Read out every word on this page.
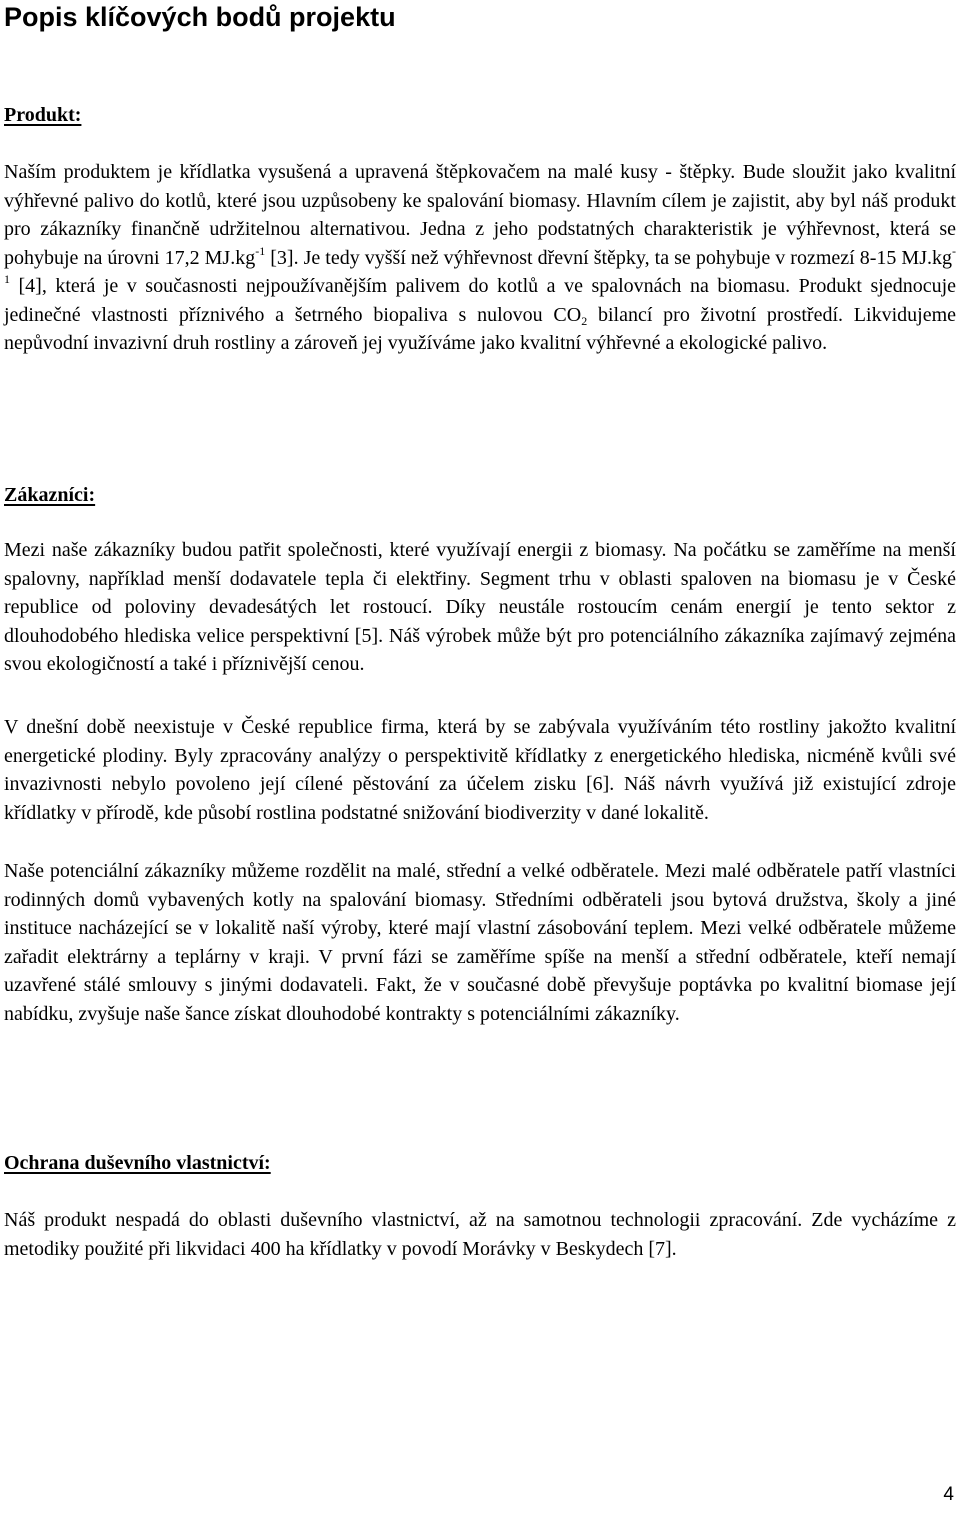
Popis klíčových bodů projektu
Produkt:

Naším produktem je křídlatka vysušená a upravená štěpkovačem na malé kusy - štěpky. Bude sloužit jako kvalitní výhřevné palivo do kotlů, které jsou uzpůsobeny ke spalování biomasy. Hlavním cílem je zajistit, aby byl náš produkt pro zákazníky finančně udržitelnou alternativou. Jedna z jeho podstatných charakteristik je výhřevnost, která se pohybuje na úrovni 17,2 $MJ.kg^{-1}$ [3]. Je tedy vyšší než výhřevnost dřevní štěpky, ta se pohybuje v rozmezí 8-15 $MJ.kg^{-1}$ [4], která je v současnosti nejpoužívanějším palivem do kotlů a ve spalovnách na biomasu. Produkt sjednocuje jedinečné vlastnosti příznivého a šetrného biopaliva s nulovou $CO_2$ bilancí pro životní prostředí. Likvidujeme nepůvodní invazivní druh rostliny a zároveň jej využíváme jako kvalitní výhřevné a ekologické palivo.

Zákazníci:

Mezi naše zákazníky budou patřit společnosti, které využívají energii z biomasy. Na počátku se zaměříme na menší spalovny, například menší dodavatele tepla či elektřiny. Segment trhu v oblasti spaloven na biomasu je v České republice od poloviny devadesátých let rostoucí. Díky neustále rostoucím cenám energií je tento sektor z dlouhodobého hlediska velice perspektivní [5]. Náš výrobek může být pro potenciálního zákazníka zajímavý zejména svou ekologičností a také i příznivější cenou.

V dnešní době neexistuje v České republice firma, která by se zabývala využíváním této rostliny jakožto kvalitní energetické plodiny. Byly zpracovány analýzy o perspektivitě křídlatky z energetického hlediska, nicméně kvůli své invazivnosti nebylo povoleno její cílené pěstování za účelem zisku [6]. Náš návrh využívá již existující zdroje křídlatky v přírodě, kde působí rostlina podstatné snižování biodiverzity v dané lokalitě.

Naše potenciální zákazníky můžeme rozdělit na malé, střední a velké odběratele. Mezi malé odběratele patří vlastníci rodinných domů vybavených kotly na spalování biomasy. Středními odběrateli jsou bytová družstva, školy a jiné instituce nacházející se v lokalitě naší výroby, které mají vlastní zásobování teplem. Mezi velké odběratele můžeme zařadit elektrárny a teplárny v kraji. V první fázi se zaměříme spíše na menší a střední odběratele, kteří nemají uzavřené stálé smlouvy s jinými dodavateli. Fakt, že v současné době převyšuje poptávka po kvalitní biomase její nabídku, zvyšuje naše šance získat dlouhodobé kontrakty s potenciálními zákazníky.

Ochrana duševního vlastnictví:

Náš produkt nespadá do oblasti duševního vlastnictví, až na samotnou technologii zpracování. Zde vycházíme z metodiky použité při likvidaci 400 ha křídlatky v povodí Morávky v Beskydech [7].

4
